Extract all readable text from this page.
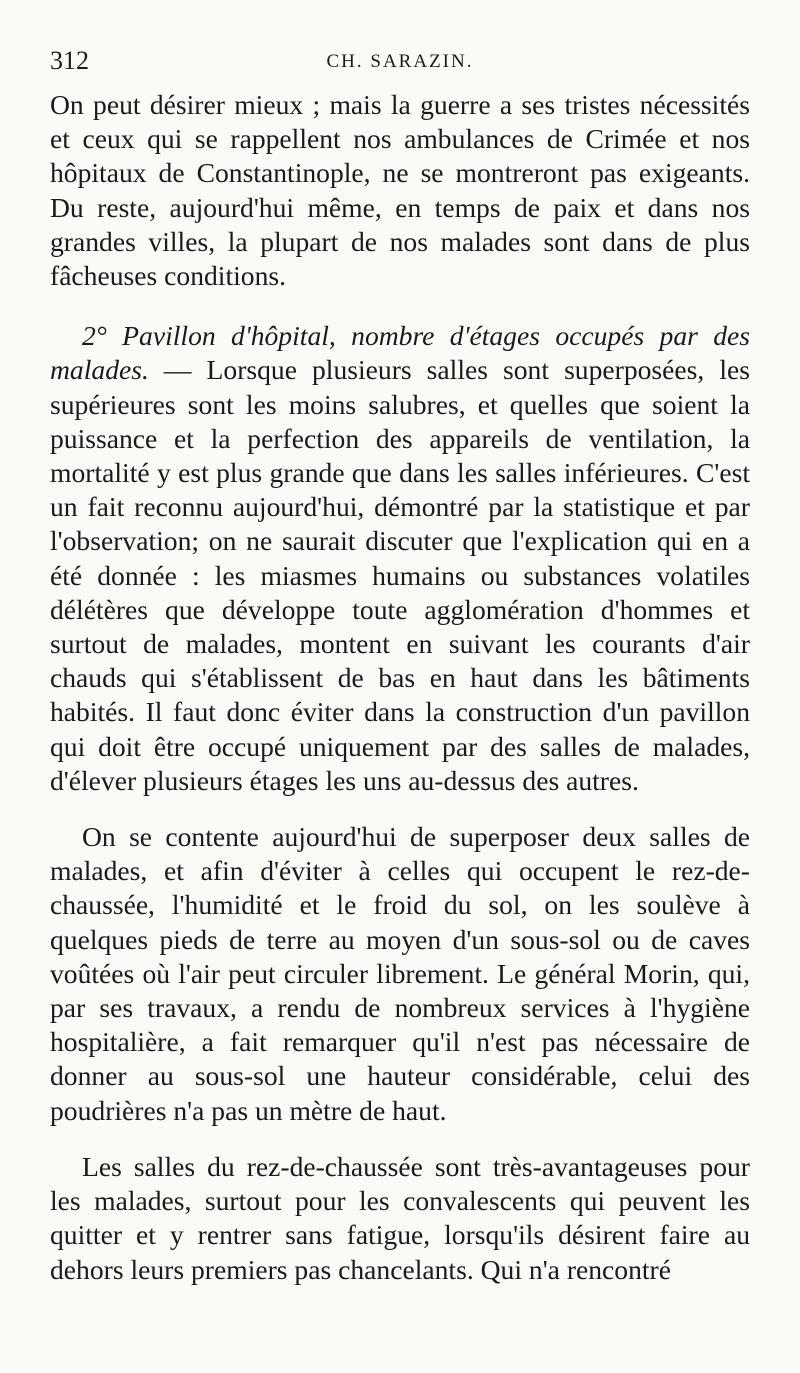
312	CH. SARAZIN.

On peut désirer mieux ; mais la guerre a ses tristes nécessités et ceux qui se rappellent nos ambulances de Crimée et nos hôpitaux de Constantinople, ne se montreront pas exigeants. Du reste, aujourd'hui même, en temps de paix et dans nos grandes villes, la plupart de nos malades sont dans de plus fâcheuses conditions.

2° Pavillon d'hôpital, nombre d'étages occupés par des malades. — Lorsque plusieurs salles sont superposées, les supérieures sont les moins salubres, et quelles que soient la puissance et la perfection des appareils de ventilation, la mortalité y est plus grande que dans les salles inférieures. C'est un fait reconnu aujourd'hui, démontré par la statistique et par l'observation; on ne saurait discuter que l'explication qui en a été donnée : les miasmes humains ou substances volatiles délétères que développe toute agglomération d'hommes et surtout de malades, montent en suivant les courants d'air chauds qui s'établissent de bas en haut dans les bâtiments habités. Il faut donc éviter dans la construction d'un pavillon qui doit être occupé uniquement par des salles de malades, d'élever plusieurs étages les uns au-dessus des autres.

On se contente aujourd'hui de superposer deux salles de malades, et afin d'éviter à celles qui occupent le rez-de-chaussée, l'humidité et le froid du sol, on les soulève à quelques pieds de terre au moyen d'un sous-sol ou de caves voûtées où l'air peut circuler librement. Le général Morin, qui, par ses travaux, a rendu de nombreux services à l'hygiène hospitalière, a fait remarquer qu'il n'est pas nécessaire de donner au sous-sol une hauteur considérable, celui des poudrières n'a pas un mètre de haut.

Les salles du rez-de-chaussée sont très-avantageuses pour les malades, surtout pour les convalescents qui peuvent les quitter et y rentrer sans fatigue, lorsqu'ils désirent faire au dehors leurs premiers pas chancelants. Qui n'a rencontré
